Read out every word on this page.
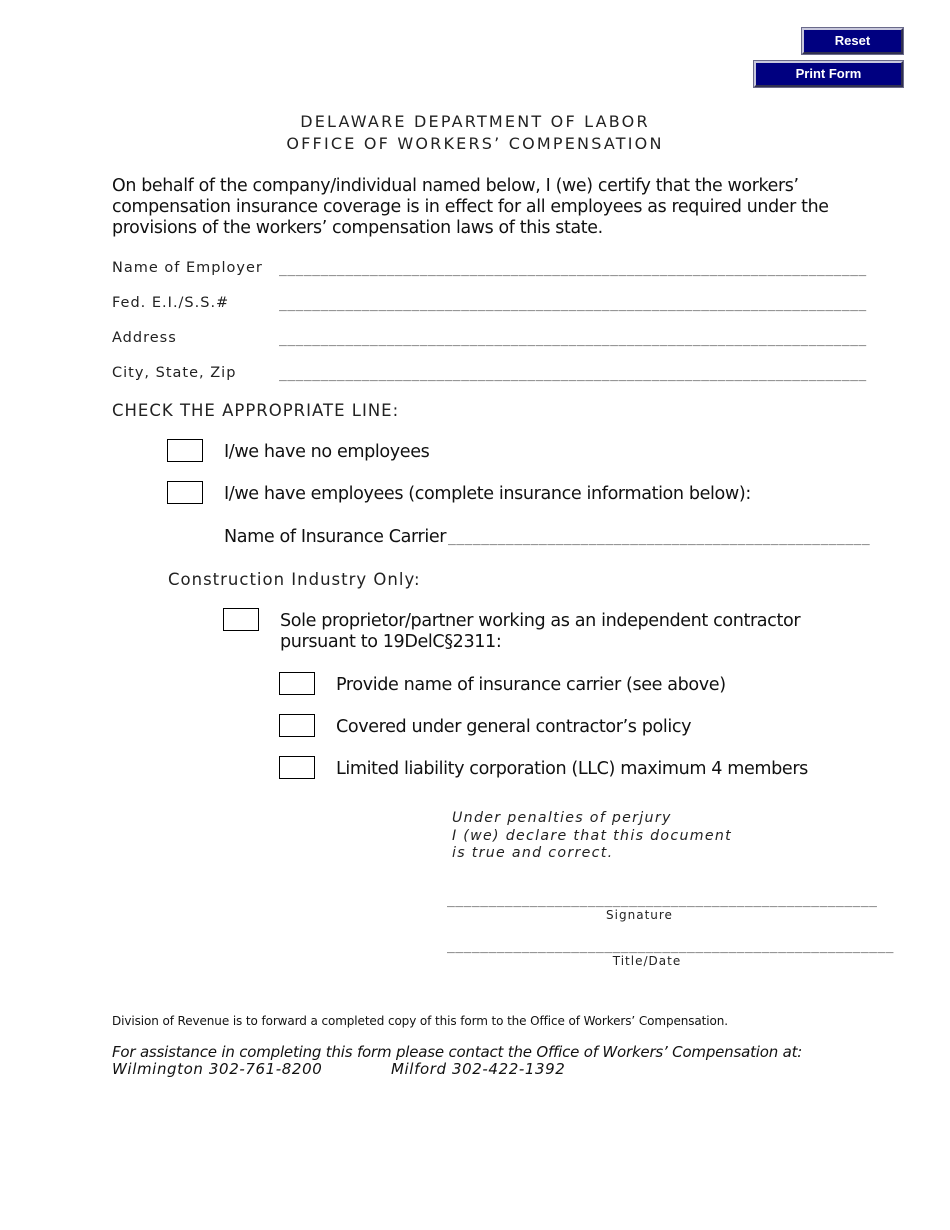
Reset
Print Form
DELAWARE DEPARTMENT OF LABOR
OFFICE OF WORKERS’ COMPENSATION
On behalf of the company/individual named below, I (we) certify that the workers’
compensation insurance coverage is in effect for all employees as required under the
provisions of the workers’ compensation laws of this state.
Name of Employer _______________________________________________________________________
Fed. E.I./S.S.#	_______________________________________________________________________
Address	_______________________________________________________________________
City, State, Zip	_______________________________________________________________________
CHECK THE APPROPRIATE LINE:
I/we have no employees
I/we have employees (complete insurance information below):
Name of Insurance Carrier ___________________________________________________
Construction Industry Only:
Sole proprietor/partner working as an independent contractor
pursuant to 19DelC§2311:
Provide name of insurance carrier (see above)
Covered under general contractor’s policy
Limited liability corporation (LLC) maximum 4 members
Under penalties of perjury
I (we) declare that this document
is true and correct.
____________________________________________________
Signature
______________________________________________________
Title/Date
Division of Revenue is to forward a completed copy of this form to the Office of Workers’ Compensation.
For assistance in completing this form please contact the Office of Workers’ Compensation at:
Wilmington 302-761-8200	Milford 302-422-1392
